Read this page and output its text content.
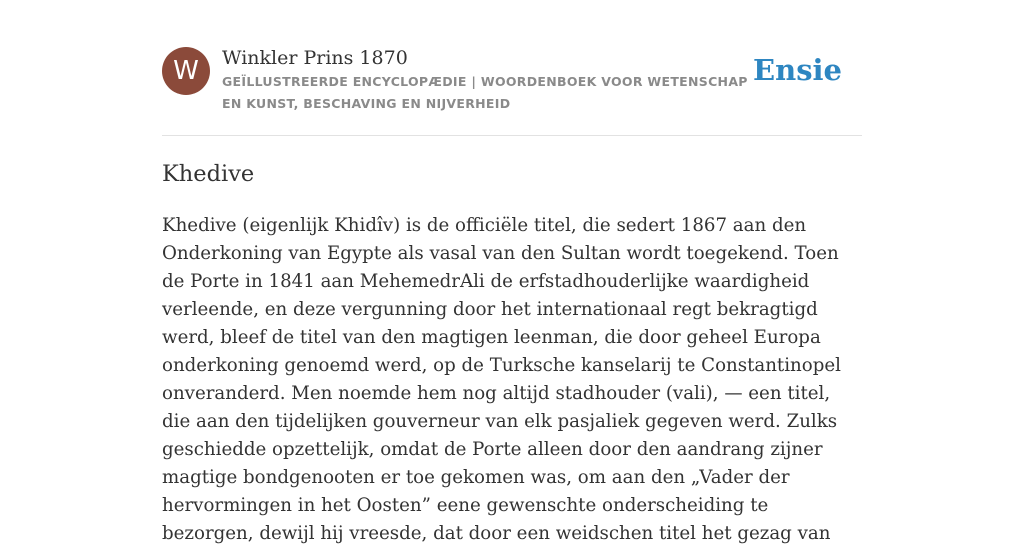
W	Winkler Prins 1870
GEÏLLUSTREERDE ENCYCLOPÆDIE | WOORDENBOEK VOOR WETENSCHAP EN KUNST, BESCHAVING EN NIJVERHEID
Ensie
Khedive

Khedive (eigenlijk Khidîv) is de officiële titel, die sedert 1867 aan den Onderkoning van Egypte als vasal van den Sultan wordt toegekend. Toen de Porte in 1841 aan MehemedrAli de erfstadhouderlijke waardigheid verleende, en deze vergunning door het internationaal regt bekragtigd werd, bleef de titel van den magtigen leenman, die door geheel Europa onderkoning genoemd werd, op de Turksche kanselarij te Constantinopel onveranderd. Men noemde hem nog altijd stadhouder (vali), — een titel, die aan den tijdelijken gouverneur van elk pasjaliek gegeven werd. Zulks geschiedde opzettelijk, omdat de Porte alleen door den aandrang zijner magtige bondgenooten er toe gekomen was, om aan den „Vader der hervormingen in het Oosten” eene gewenschte onderscheiding te bezorgen, dewijl hij vreesde, dat door een weidschen titel het gezag van
